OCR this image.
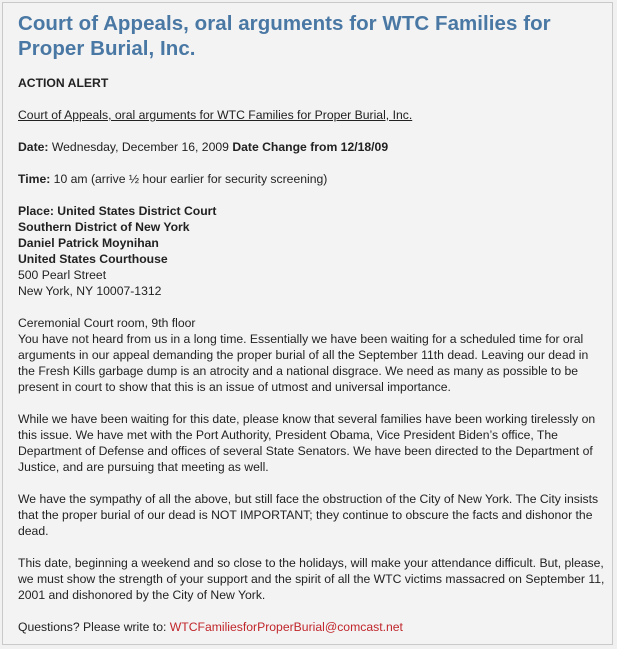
Court of Appeals, oral arguments for WTC Families for Proper Burial, Inc.

ACTION ALERT

Court of Appeals, oral arguments for WTC Families for Proper Burial, Inc.

Date: Wednesday, December 16, 2009 Date Change from 12/18/09

Time: 10 am (arrive ½ hour earlier for security screening)

Place: United States District Court
Southern District of New York
Daniel Patrick Moynihan
United States Courthouse
500 Pearl Street
New York, NY 10007-1312

Ceremonial Court room, 9th floor

You have not heard from us in a long time. Essentially we have been waiting for a scheduled time for oral arguments in our appeal demanding the proper burial of all the September 11th dead. Leaving our dead in the Fresh Kills garbage dump is an atrocity and a national disgrace. We need as many as possible to be present in court to show that this is an issue of utmost and universal importance.

While we have been waiting for this date, please know that several families have been working tirelessly on this issue. We have met with the Port Authority, President Obama, Vice President Biden’s office, The Department of Defense and offices of several State Senators. We have been directed to the Department of Justice, and are pursuing that meeting as well.

We have the sympathy of all the above, but still face the obstruction of the City of New York. The City insists that the proper burial of our dead is NOT IMPORTANT; they continue to obscure the facts and dishonor the dead.

This date, beginning a weekend and so close to the holidays, will make your attendance difficult. But, please, we must show the strength of your support and the spirit of all the WTC victims massacred on September 11, 2001 and dishonored by the City of New York.

Questions? Please write to: WTCFamiliesforProperBurial@comcast.net
